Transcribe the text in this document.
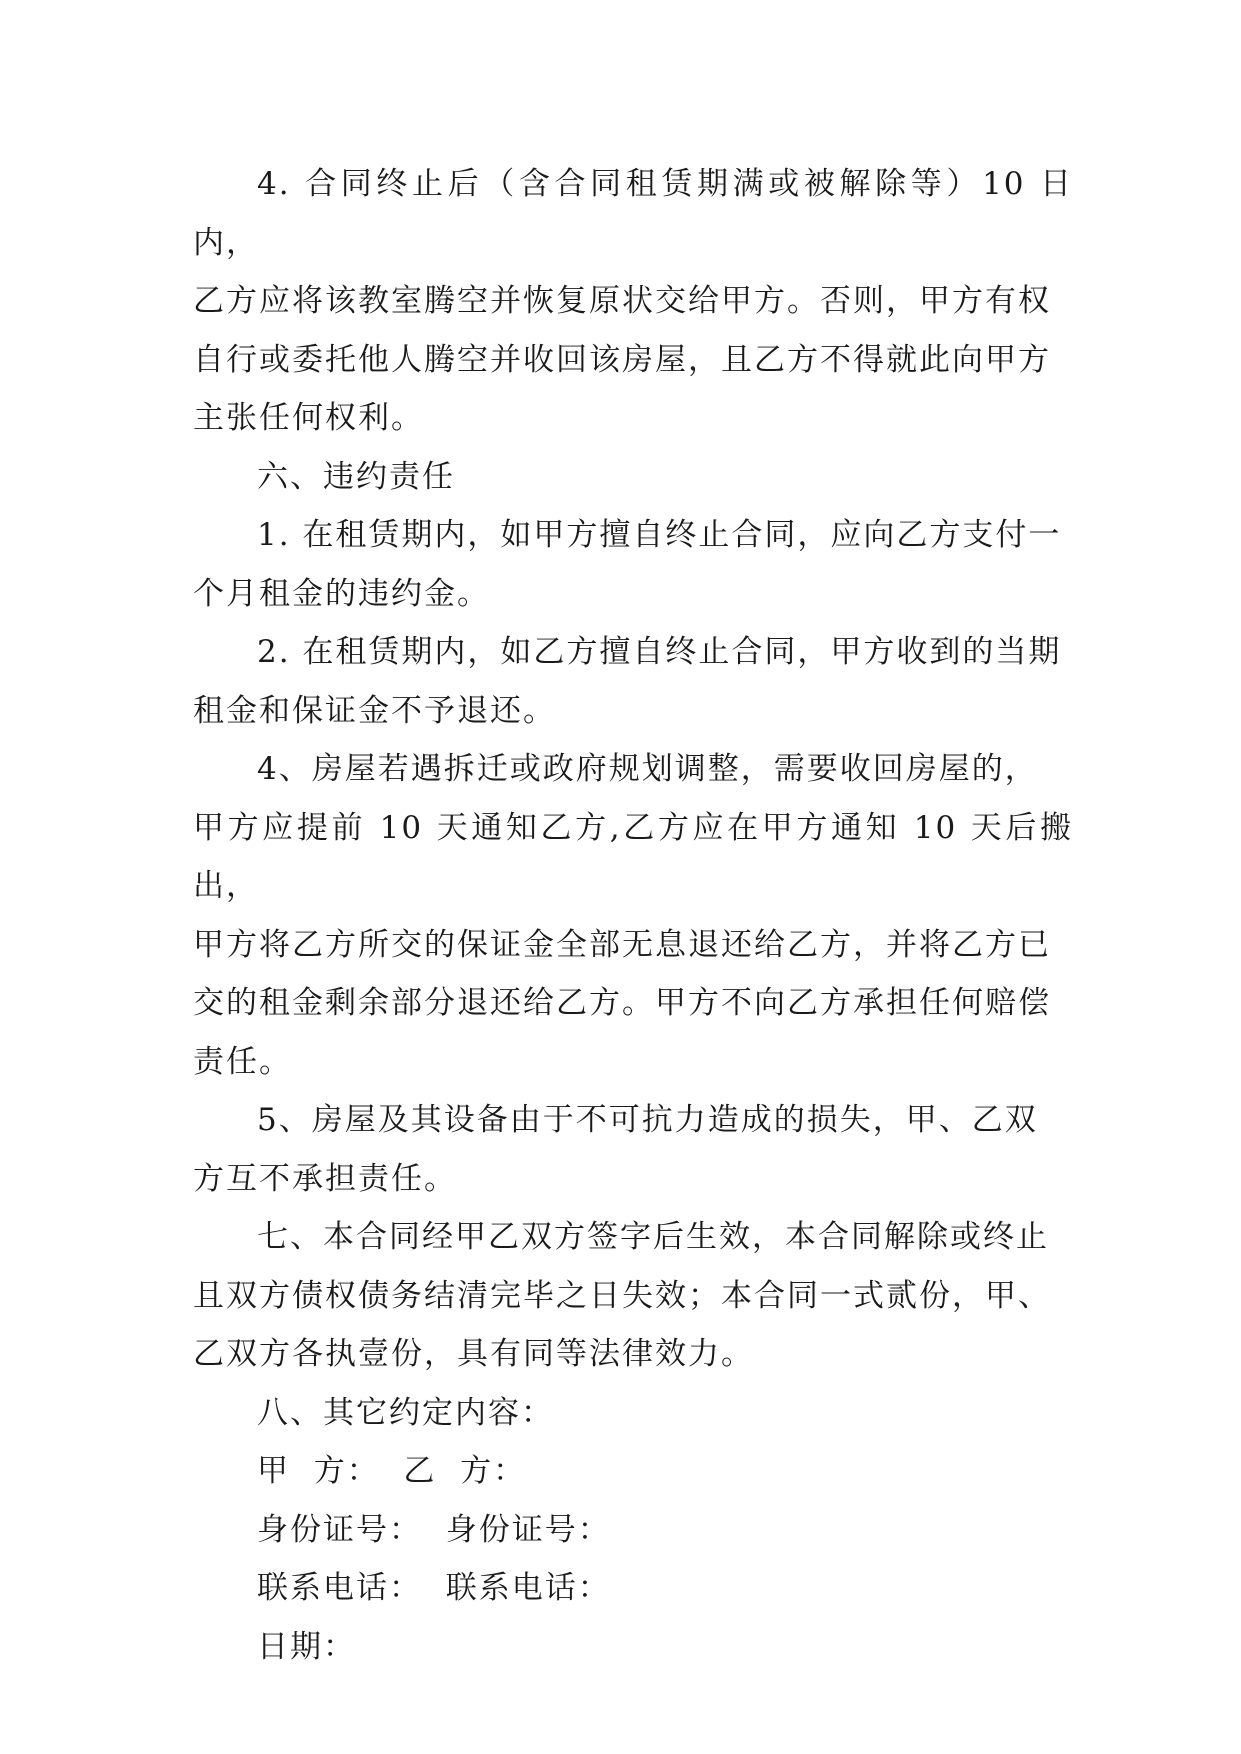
4. 合同终止后（含合同租赁期满或被解除等）10 日内，

乙方应将该教室腾空并恢复原状交给甲方。否则，甲方有权

自行或委托他人腾空并收回该房屋，且乙方不得就此向甲方

主张任何权利。

六、违约责任

1. 在租赁期内，如甲方擅自终止合同，应向乙方支付一

个月租金的违约金。

2. 在租赁期内，如乙方擅自终止合同，甲方收到的当期

租金和保证金不予退还。

4、房屋若遇拆迁或政府规划调整，需要收回房屋的，

甲方应提前 10 天通知乙方,乙方应在甲方通知 10 天后搬出，

甲方将乙方所交的保证金全部无息退还给乙方，并将乙方已

交的租金剩余部分退还给乙方。甲方不向乙方承担任何赔偿

责任。

5、房屋及其设备由于不可抗力造成的损失，甲、乙双

方互不承担责任。

七、本合同经甲乙双方签字后生效，本合同解除或终止

且双方债权债务结清完毕之日失效；本合同一式贰份，甲、

乙双方各执壹份，具有同等法律效力。

八、其它约定内容：

甲  方：  乙  方：

身份证号：  身份证号：

联系电话：  联系电话：

日期：
